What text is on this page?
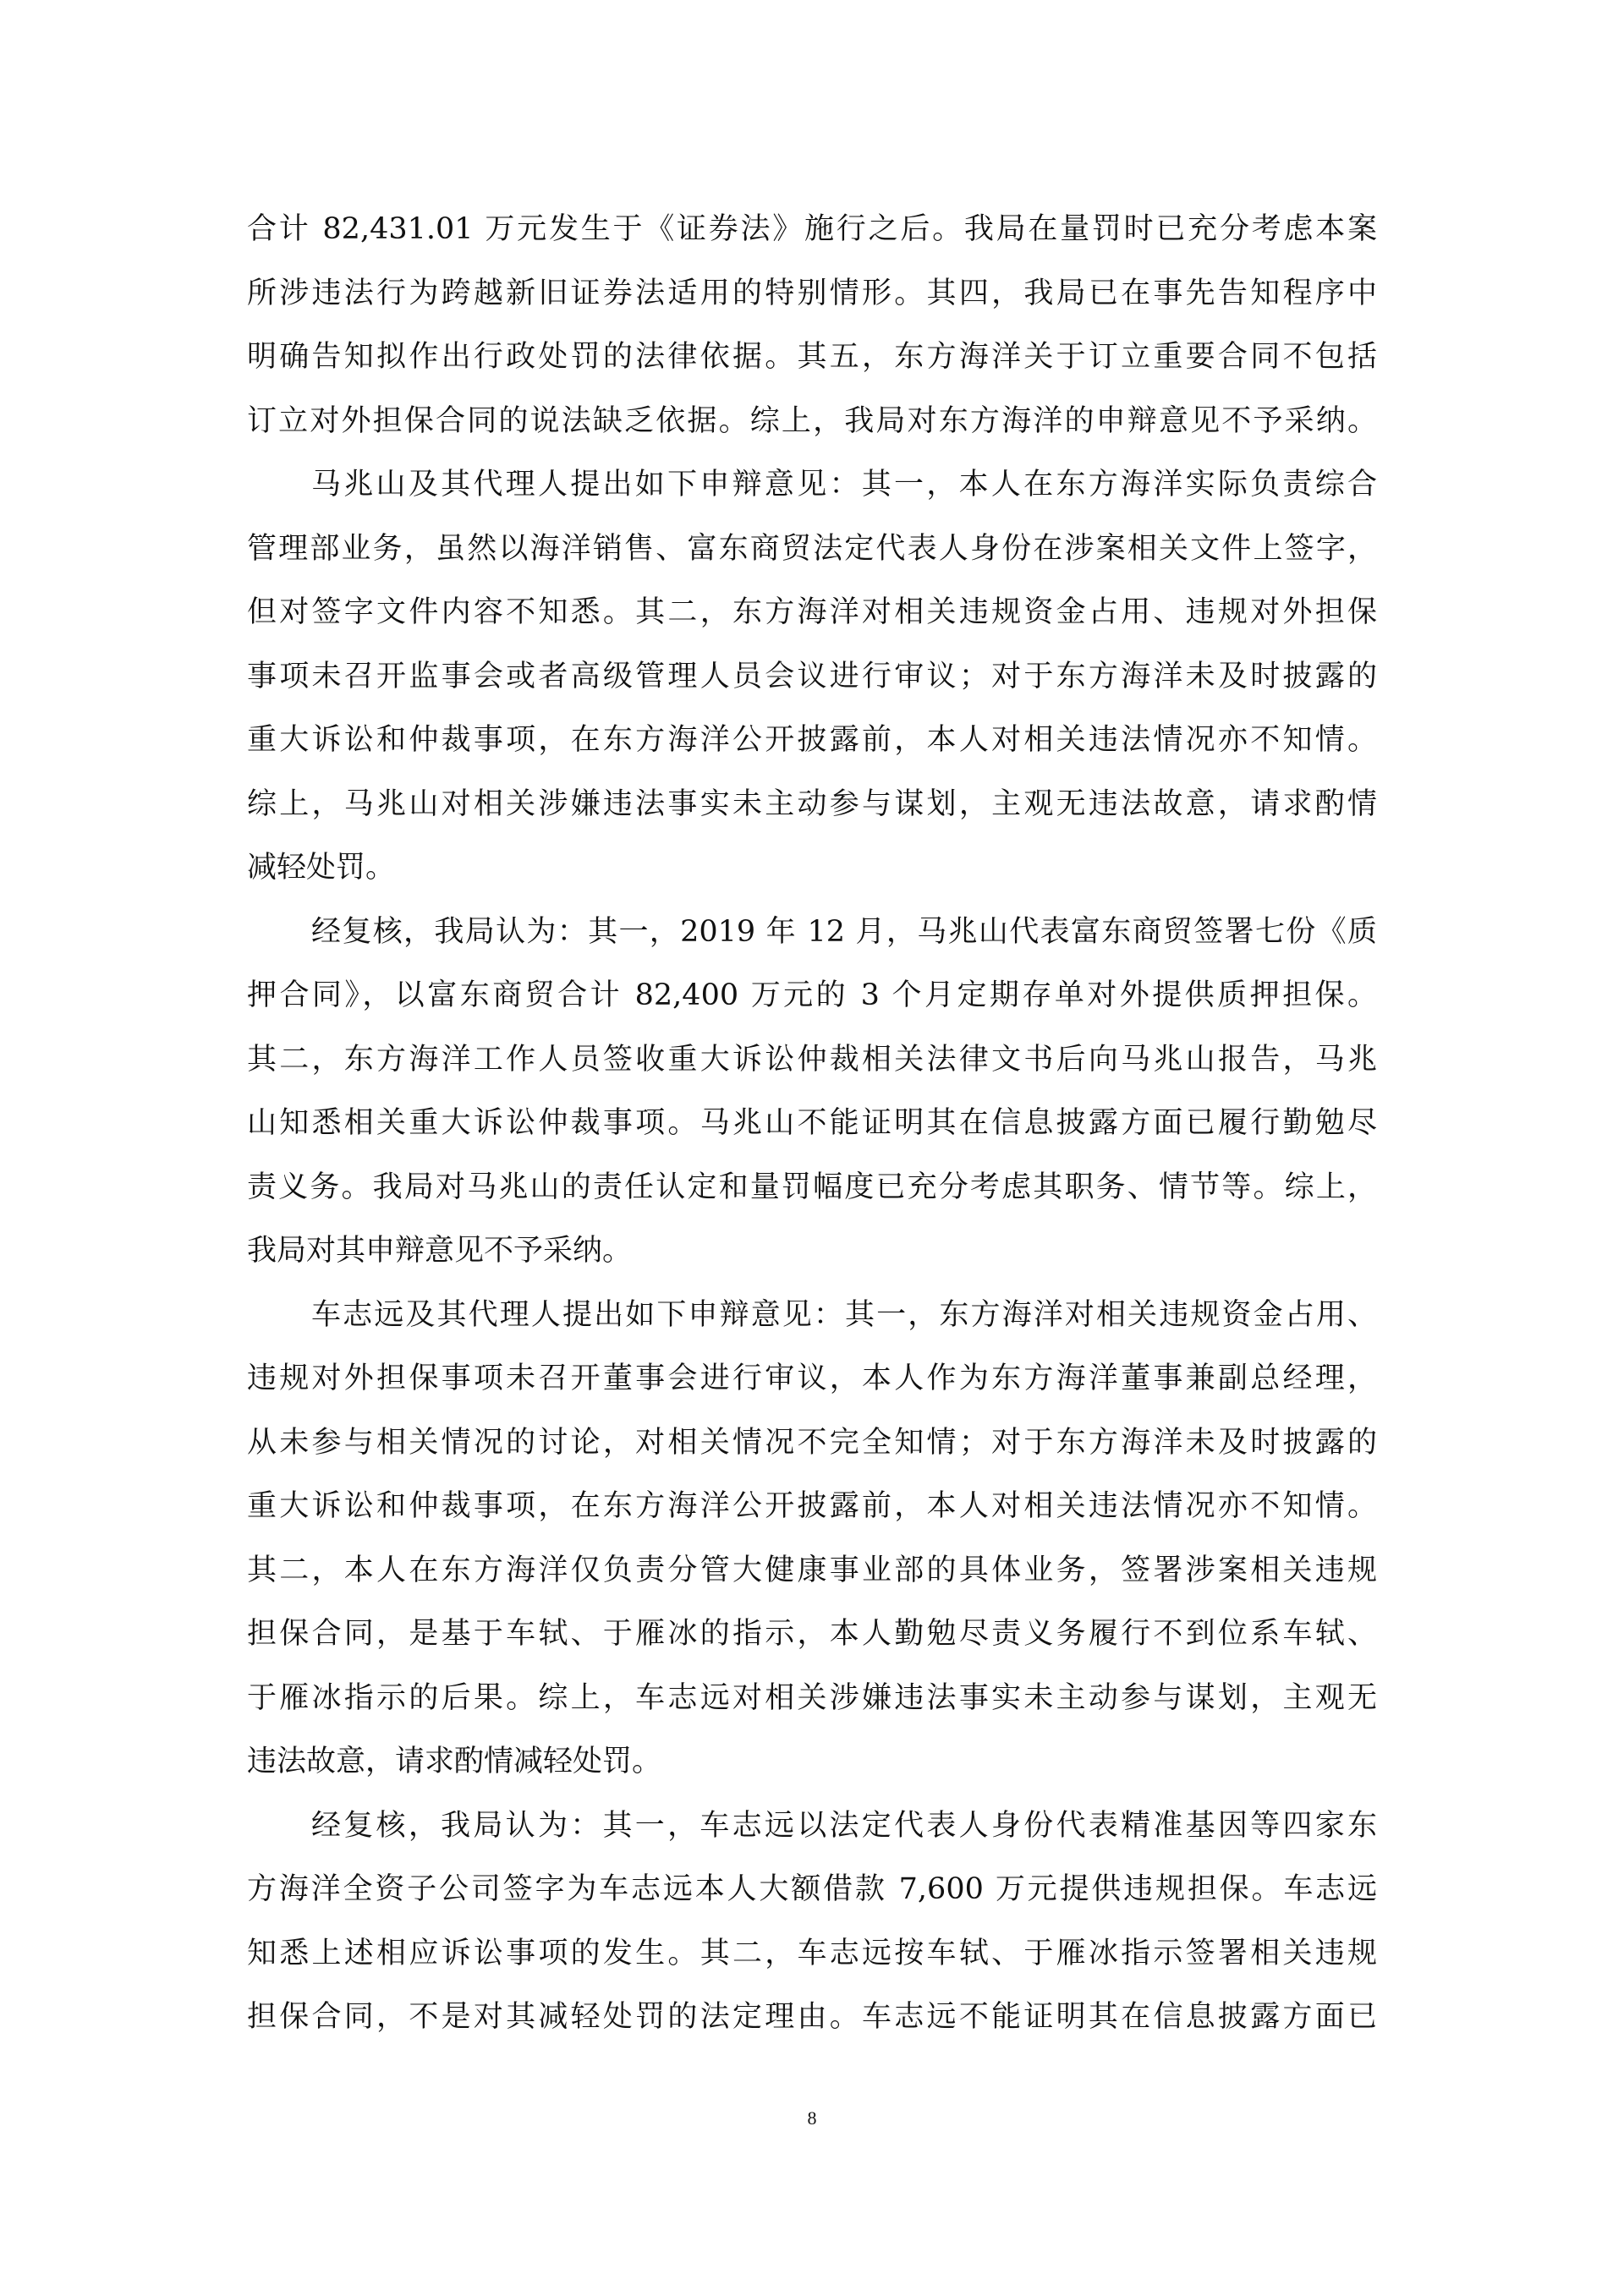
合计 82,431.01 万元发生于《证券法》施行之后。我局在量罚时已充分考虑本案
所涉违法行为跨越新旧证券法适用的特别情形。其四，我局已在事先告知程序中
明确告知拟作出行政处罚的法律依据。其五，东方海洋关于订立重要合同不包括
订立对外担保合同的说法缺乏依据。综上，我局对东方海洋的申辩意见不予采纳。
马兆山及其代理人提出如下申辩意见：其一，本人在东方海洋实际负责综合
管理部业务，虽然以海洋销售、富东商贸法定代表人身份在涉案相关文件上签字，
但对签字文件内容不知悉。其二，东方海洋对相关违规资金占用、违规对外担保
事项未召开监事会或者高级管理人员会议进行审议；对于东方海洋未及时披露的
重大诉讼和仲裁事项，在东方海洋公开披露前，本人对相关违法情况亦不知情。
综上，马兆山对相关涉嫌违法事实未主动参与谋划，主观无违法故意，请求酌情
减轻处罚。
经复核，我局认为：其一，2019 年 12 月，马兆山代表富东商贸签署七份《质
押合同》，以富东商贸合计 82,400 万元的 3 个月定期存单对外提供质押担保。
其二，东方海洋工作人员签收重大诉讼仲裁相关法律文书后向马兆山报告，马兆
山知悉相关重大诉讼仲裁事项。马兆山不能证明其在信息披露方面已履行勤勉尽
责义务。我局对马兆山的责任认定和量罚幅度已充分考虑其职务、情节等。综上，
我局对其申辩意见不予采纳。
车志远及其代理人提出如下申辩意见：其一，东方海洋对相关违规资金占用、
违规对外担保事项未召开董事会进行审议，本人作为东方海洋董事兼副总经理，
从未参与相关情况的讨论，对相关情况不完全知情；对于东方海洋未及时披露的
重大诉讼和仲裁事项，在东方海洋公开披露前，本人对相关违法情况亦不知情。
其二，本人在东方海洋仅负责分管大健康事业部的具体业务，签署涉案相关违规
担保合同，是基于车轼、于雁冰的指示，本人勤勉尽责义务履行不到位系车轼、
于雁冰指示的后果。综上，车志远对相关涉嫌违法事实未主动参与谋划，主观无
违法故意，请求酌情减轻处罚。
经复核，我局认为：其一，车志远以法定代表人身份代表精准基因等四家东
方海洋全资子公司签字为车志远本人大额借款 7,600 万元提供违规担保。车志远
知悉上述相应诉讼事项的发生。其二，车志远按车轼、于雁冰指示签署相关违规
担保合同，不是对其减轻处罚的法定理由。车志远不能证明其在信息披露方面已
8
